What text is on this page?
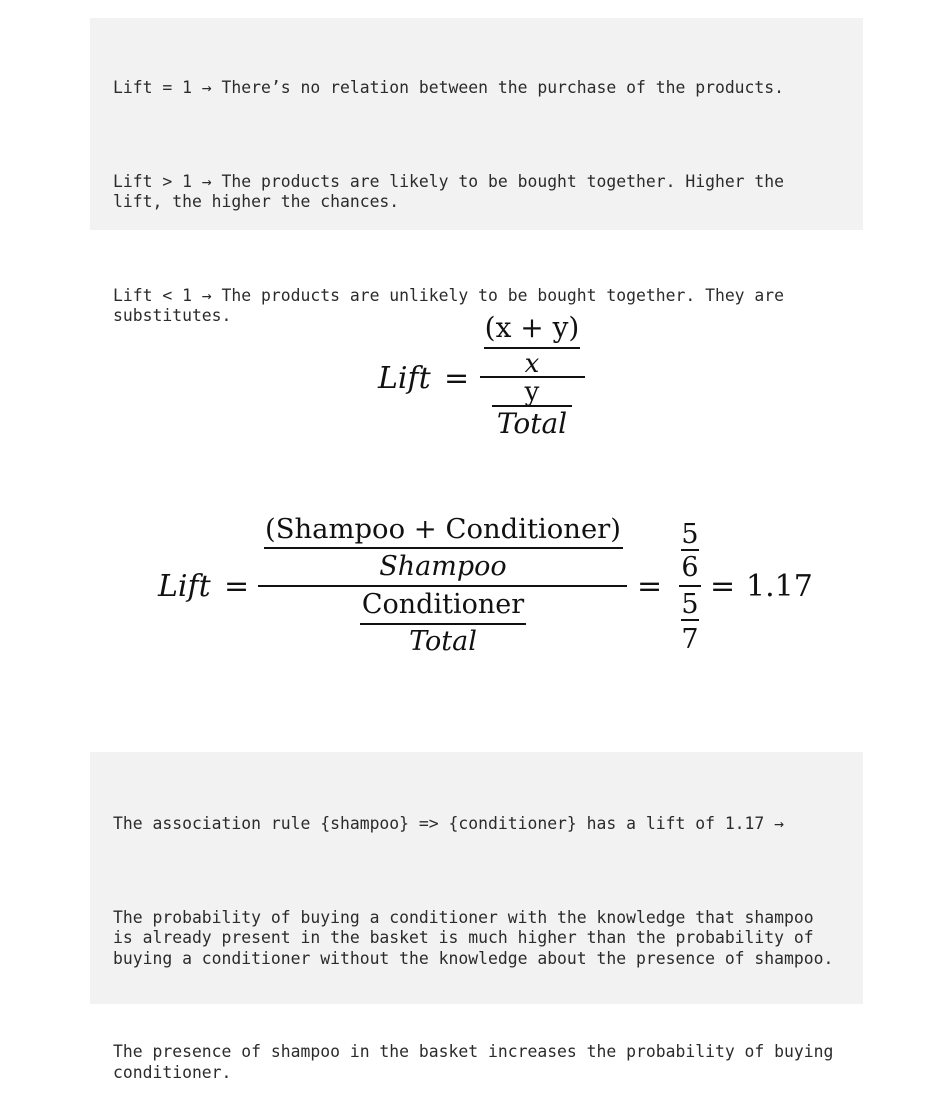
Lift = 1 → There’s no relation between the purchase of the products.

Lift > 1 → The products are likely to be bought together. Higher the lift, the higher the chances.

Lift < 1 → The products are unlikely to be bought together. They are substitutes.

Lift =
(x + y)
x
y
Total
Lift =
(Shampoo + Conditioner)
Shampoo
Conditioner
Total
=
5
6
5
7
= 1.17

The association rule {shampoo} => {conditioner} has a lift of 1.17 →

The probability of buying a conditioner with the knowledge that shampoo is already present in the basket is much higher than the probability of buying a conditioner without the knowledge about the presence of shampoo.

The presence of shampoo in the basket increases the probability of buying conditioner.
